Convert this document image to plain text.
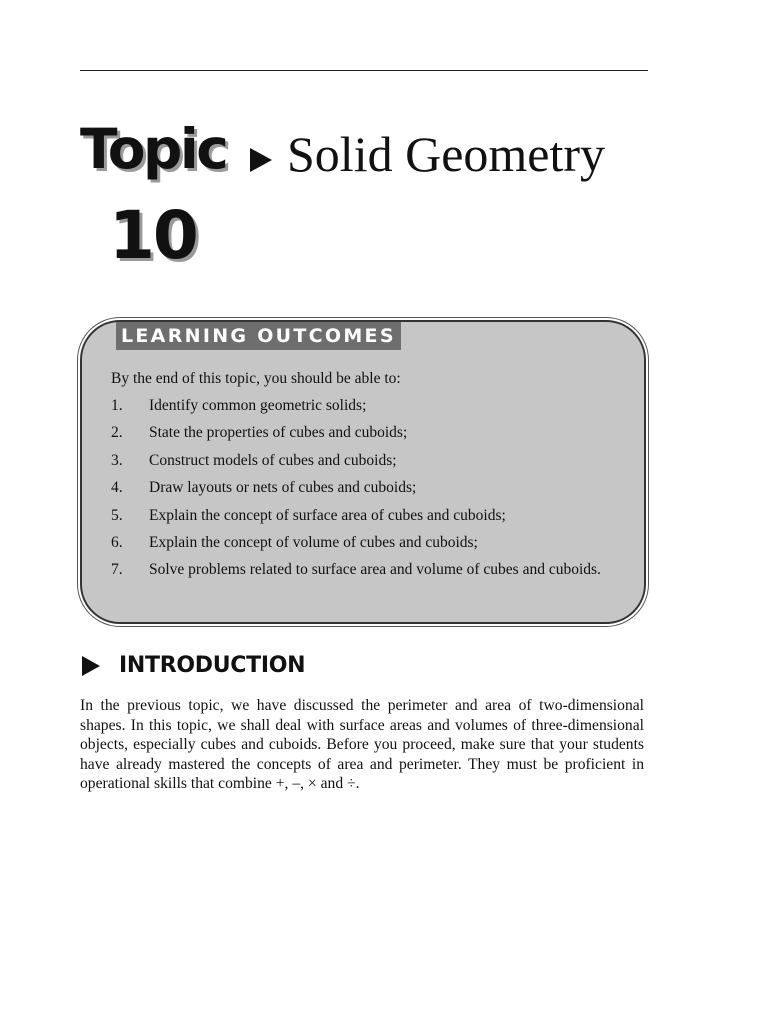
Topic
10
Solid Geometry
LEARNING OUTCOMES
By the end of this topic, you should be able to:
1. Identify common geometric solids;
2. State the properties of cubes and cuboids;
3. Construct models of cubes and cuboids;
4. Draw layouts or nets of cubes and cuboids;
5. Explain the concept of surface area of cubes and cuboids;
6. Explain the concept of volume of cubes and cuboids;
7. Solve problems related to surface area and volume of cubes and cuboids.
INTRODUCTION

In the previous topic, we have discussed the perimeter and area of two-dimensional shapes. In this topic, we shall deal with surface areas and volumes of three-dimensional objects, especially cubes and cuboids. Before you proceed, make sure that your students have already mastered the concepts of area and perimeter. They must be proficient in operational skills that combine +, –, × and ÷.
